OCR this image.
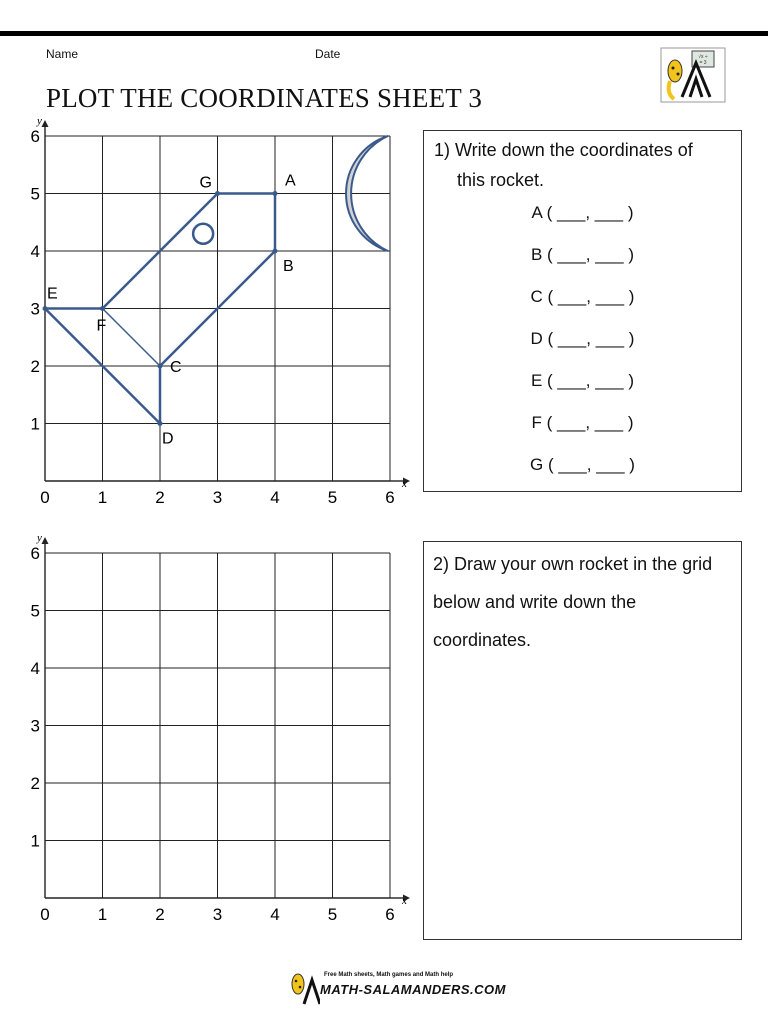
Name	Date
PLOT THE COORDINATES SHEET 3
√x ÷
= 3
x
y
0	1	2	3	4	5	6
1
2
3
4
5
6
A
B
C
D
E
F
G
x
y
0	1	2	3	4	5	6
1
2
3
4
5
6

1) Write down the coordinates of

this rocket.

A ( ___, ___ )
B ( ___, ___ )
C ( ___, ___ )
D ( ___, ___ )
E ( ___, ___ )
F ( ___, ___ )
G ( ___, ___ )

2) Draw your own rocket in the grid below and write down the coordinates.

Free Math sheets, Math games and Math help
MATH-SALAMANDERS.COM
